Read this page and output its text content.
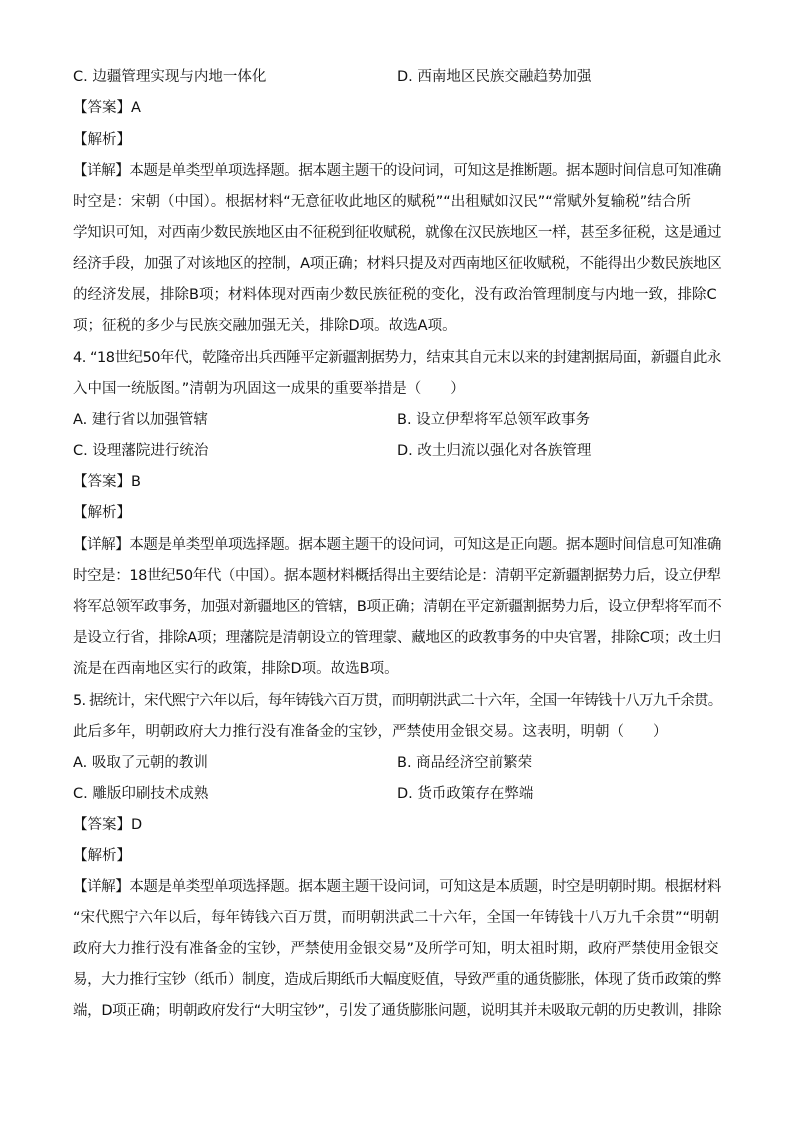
C. 边疆管理实现与内地一体化	D. 西南地区民族交融趋势加强
【答案】A
【解析】
【详解】本题是单类型单项选择题。据本题主题干的设问词，可知这是推断题。据本题时间信息可知准确
时空是：宋朝（中国）。根据材料“无意征收此地区的赋税”“出租赋如汉民”“常赋外复输税”结合所
学知识可知，对西南少数民族地区由不征税到征收赋税，就像在汉民族地区一样，甚至多征税，这是通过
经济手段，加强了对该地区的控制，A项正确；材料只提及对西南地区征收赋税，不能得出少数民族地区
的经济发展，排除B项；材料体现对西南少数民族征税的变化，没有政治管理制度与内地一致，排除C
项；征税的多少与民族交融加强无关，排除D项。故选A项。
4. “18世纪50年代，乾隆帝出兵西陲平定新疆割据势力，结束其自元末以来的封建割据局面，新疆自此永
入中国一统版图。”清朝为巩固这一成果的重要举措是（　　）
A. 建行省以加强管辖	B. 设立伊犁将军总领军政事务
C. 设理藩院进行统治	D. 改土归流以强化对各族管理
【答案】B
【解析】
【详解】本题是单类型单项选择题。据本题主题干的设问词，可知这是正向题。据本题时间信息可知准确
时空是：18世纪50年代（中国）。据本题材料概括得出主要结论是：清朝平定新疆割据势力后，设立伊犁
将军总领军政事务，加强对新疆地区的管辖，B项正确；清朝在平定新疆割据势力后，设立伊犁将军而不
是设立行省，排除A项；理藩院是清朝设立的管理蒙、藏地区的政教事务的中央官署，排除C项；改土归
流是在西南地区实行的政策，排除D项。故选B项。
5. 据统计，宋代熙宁六年以后，每年铸钱六百万贯，而明朝洪武二十六年，全国一年铸钱十八万九千余贯。
此后多年，明朝政府大力推行没有准备金的宝钞，严禁使用金银交易。这表明，明朝（　　）
A. 吸取了元朝的教训	B. 商品经济空前繁荣
C. 雕版印刷技术成熟	D. 货币政策存在弊端
【答案】D
【解析】
【详解】本题是单类型单项选择题。据本题主题干设问词，可知这是本质题，时空是明朝时期。根据材料
“宋代熙宁六年以后，每年铸钱六百万贯，而明朝洪武二十六年，全国一年铸钱十八万九千余贯”“明朝
政府大力推行没有准备金的宝钞，严禁使用金银交易”及所学可知，明太祖时期，政府严禁使用金银交
易，大力推行宝钞（纸币）制度，造成后期纸币大幅度贬值，导致严重的通货膨胀，体现了货币政策的弊
端，D项正确；明朝政府发行“大明宝钞”，引发了通货膨胀问题，说明其并未吸取元朝的历史教训，排除
